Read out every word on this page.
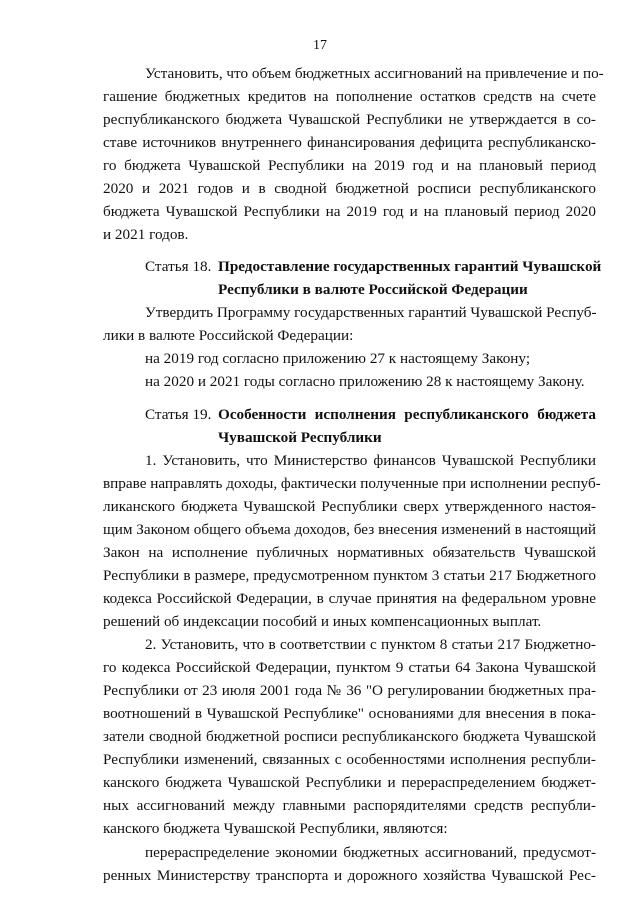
17
Установить, что объем бюджетных ассигнований на привлечение и по-
гашение бюджетных кредитов на пополнение остатков средств на счете
республиканского бюджета Чувашской Республики не утверждается в со-
ставе источников внутреннего финансирования дефицита республиканско-
го бюджета Чувашской Республики на 2019 год и на плановый период
2020 и 2021 годов и в сводной бюджетной росписи республиканского
бюджета Чувашской Республики на 2019 год и на плановый период 2020
и 2021 годов.
Статья 18. Предоставление государственных гарантий Чувашской
Республики в валюте Российской Федерации
Утвердить Программу государственных гарантий Чувашской Респуб-
лики в валюте Российской Федерации:
на 2019 год согласно приложению 27 к настоящему Закону;
на 2020 и 2021 годы согласно приложению 28 к настоящему Закону.
Статья 19. Особенности исполнения республиканского бюджета
Чувашской Республики
1. Установить, что Министерство финансов Чувашской Республики
вправе направлять доходы, фактически полученные при исполнении респуб-
ликанского бюджета Чувашской Республики сверх утвержденного настоя-
щим Законом общего объема доходов, без внесения изменений в настоящий
Закон на исполнение публичных нормативных обязательств Чувашской
Республики в размере, предусмотренном пунктом 3 статьи 217 Бюджетного
кодекса Российской Федерации, в случае принятия на федеральном уровне
решений об индексации пособий и иных компенсационных выплат.
2. Установить, что в соответствии с пунктом 8 статьи 217 Бюджетно-
го кодекса Российской Федерации, пунктом 9 статьи 64 Закона Чувашской
Республики от 23 июля 2001 года № 36 "О регулировании бюджетных пра-
воотношений в Чувашской Республике" основаниями для внесения в пока-
затели сводной бюджетной росписи республиканского бюджета Чувашской
Республики изменений, связанных с особенностями исполнения республи-
канского бюджета Чувашской Республики и перераспределением бюджет-
ных ассигнований между главными распорядителями средств республи-
канского бюджета Чувашской Республики, являются:
перераспределение экономии бюджетных ассигнований, предусмот-
ренных Министерству транспорта и дорожного хозяйства Чувашской Рес-
